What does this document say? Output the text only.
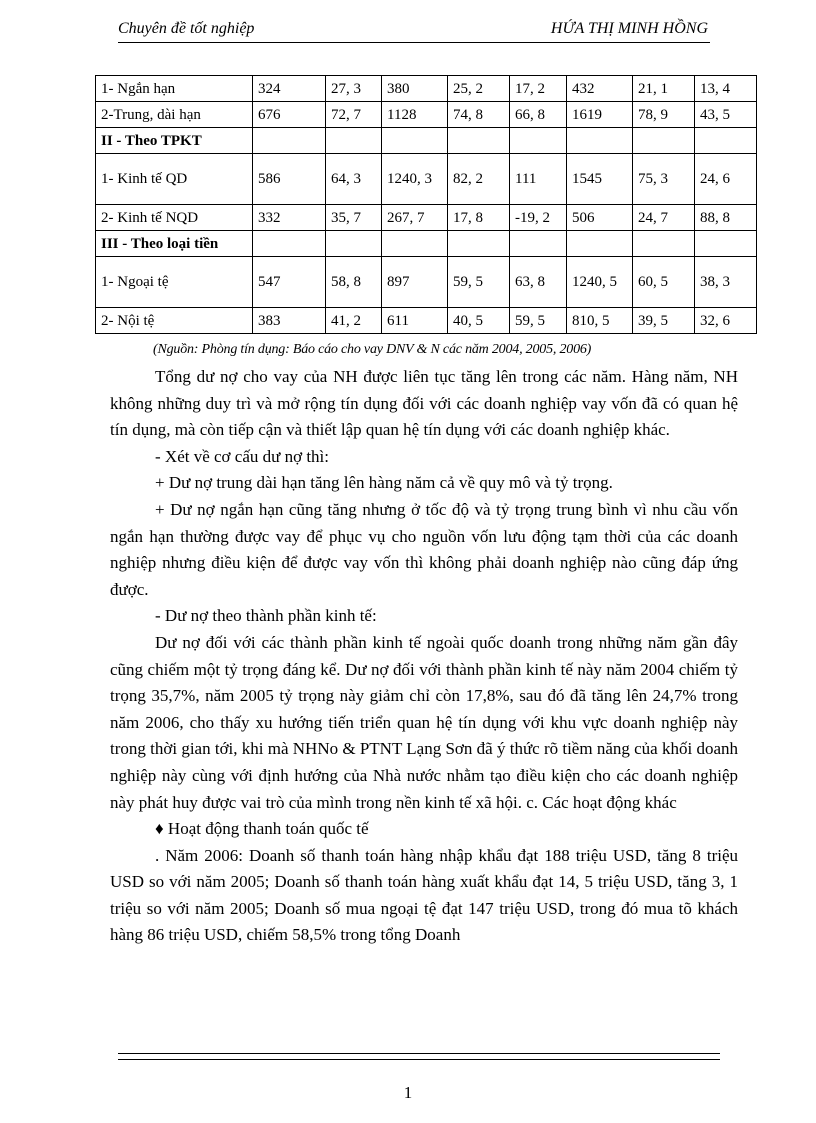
Chuyên đề tốt nghiệp	HỨA THỊ MINH HỒNG
1- Ngắn hạn	324	27, 3	380	25, 2	17, 2	432	21, 1	13, 4
2-Trung, dài hạn	676	72, 7	1128	74, 8	66, 8	1619	78, 9	43, 5
II - Theo TPKT								
1- Kinh tế QD	586	64, 3	1240, 3	82, 2	111	1545	75, 3	24, 6
2- Kinh tế NQD	332	35, 7	267, 7	17, 8	-19, 2	506	24, 7	88, 8
III - Theo loại tiền								
1- Ngoại tệ	547	58, 8	897	59, 5	63, 8	1240, 5	60, 5	38, 3
2- Nội tệ	383	41, 2	611	40, 5	59, 5	810, 5	39, 5	32, 6
(Nguồn: Phòng tín dụng: Báo cáo cho vay DNV & N các năm 2004, 2005, 2006)

Tổng dư nợ cho vay của NH được liên tục tăng lên trong các năm. Hàng năm, NH không những duy trì và mở rộng tín dụng đối với các doanh nghiệp vay vốn đã có quan hệ tín dụng, mà còn tiếp cận và thiết lập quan hệ tín dụng với các doanh nghiệp khác.

- Xét về cơ cấu dư nợ thì:

+ Dư nợ trung dài hạn tăng lên hàng năm cả về quy mô và tỷ trọng.

+ Dư nợ ngắn hạn cũng tăng nhưng ở tốc độ và tỷ trọng trung bình vì nhu cầu vốn ngắn hạn thường được vay để phục vụ cho nguồn vốn lưu động tạm thời của các doanh nghiệp nhưng điều kiện để được vay vốn thì không phải doanh nghiệp nào cũng đáp ứng được.

- Dư nợ theo thành phần kinh tế:

Dư nợ đối với các thành phần kinh tế ngoài quốc doanh trong những năm gần đây cũng chiếm một tỷ trọng đáng kể. Dư nợ đối với thành phần kinh tế này năm 2004 chiếm tỷ trọng 35,7%, năm 2005 tỷ trọng này giảm chỉ còn 17,8%, sau đó đã tăng lên 24,7% trong năm 2006, cho thấy xu hướng tiến triển quan hệ tín dụng với khu vực doanh nghiệp này trong thời gian tới, khi mà NHNo & PTNT Lạng Sơn đã ý thức rõ tiềm năng của khối doanh nghiệp này cùng với định hướng của Nhà nước nhằm tạo điều kiện cho các doanh nghiệp này phát huy được vai trò của mình trong nền kinh tế xã hội. c. Các hoạt động khác

♦ Hoạt động thanh toán quốc tế

. Năm 2006: Doanh số thanh toán hàng nhập khẩu đạt 188 triệu USD, tăng 8 triệu USD so với năm 2005; Doanh số thanh toán hàng xuất khẩu đạt 14, 5 triệu USD, tăng 3, 1 triệu so với năm 2005; Doanh số mua ngoại tệ đạt 147 triệu USD, trong đó mua tõ khách hàng 86 triệu USD, chiếm 58,5% trong tổng Doanh

1
